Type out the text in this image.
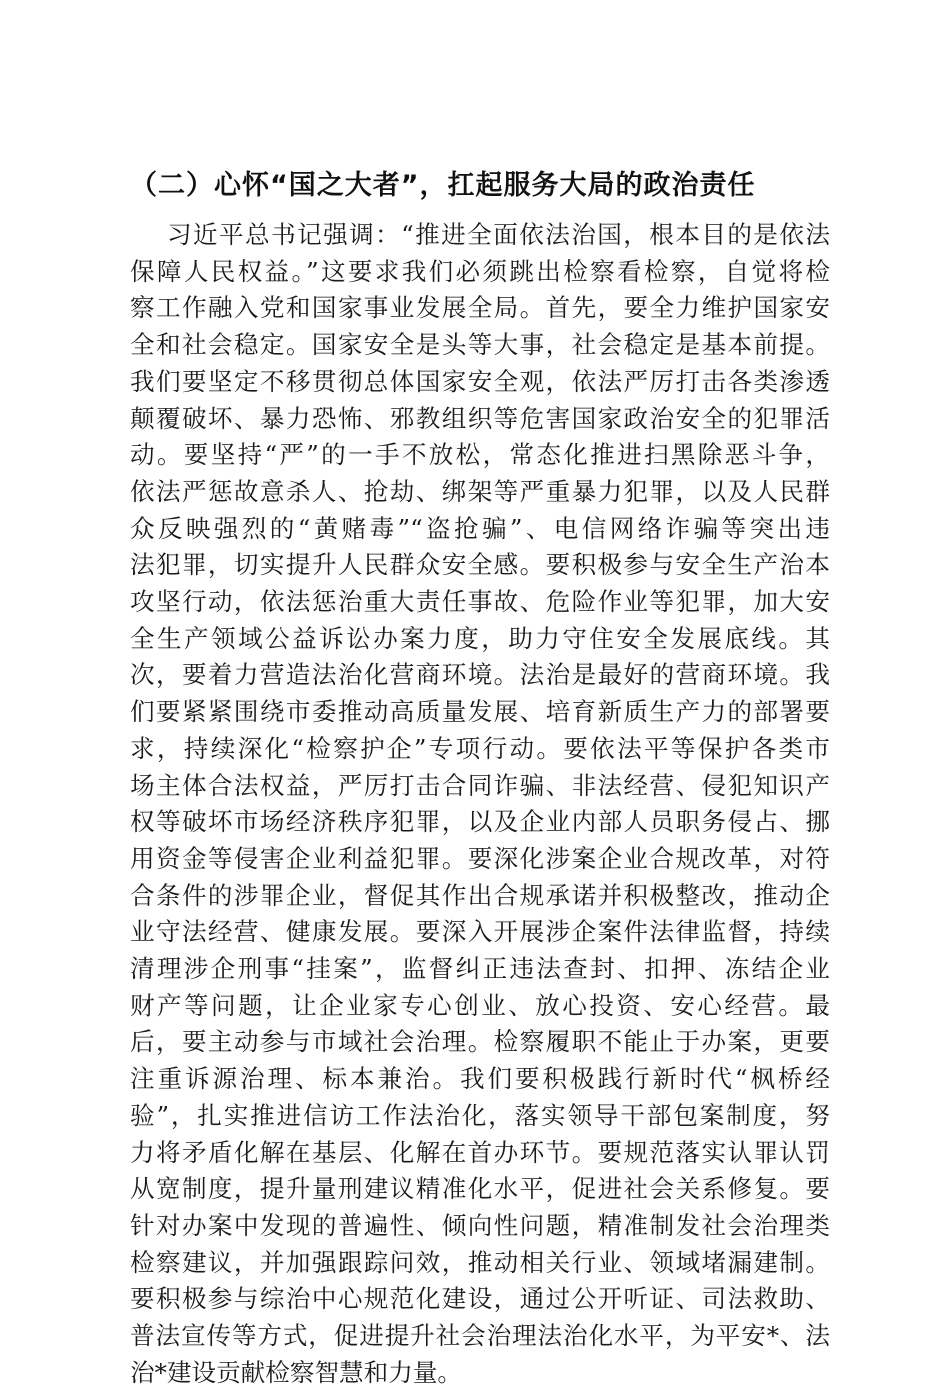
（二）心怀“国之大者”，扛起服务大局的政治责任
习近平总书记强调：“推进全面依法治国，根本目的是依法
保障人民权益。”这要求我们必须跳出检察看检察，自觉将检
察工作融入党和国家事业发展全局。首先，要全力维护国家安
全和社会稳定。国家安全是头等大事，社会稳定是基本前提。
我们要坚定不移贯彻总体国家安全观，依法严厉打击各类渗透
颠覆破坏、暴力恐怖、邪教组织等危害国家政治安全的犯罪活
动。要坚持“严”的一手不放松，常态化推进扫黑除恶斗争，
依法严惩故意杀人、抢劫、绑架等严重暴力犯罪，以及人民群
众反映强烈的“黄赌毒”“盗抢骗”、电信网络诈骗等突出违
法犯罪，切实提升人民群众安全感。要积极参与安全生产治本
攻坚行动，依法惩治重大责任事故、危险作业等犯罪，加大安
全生产领域公益诉讼办案力度，助力守住安全发展底线。其
次，要着力营造法治化营商环境。法治是最好的营商环境。我
们要紧紧围绕市委推动高质量发展、培育新质生产力的部署要
求，持续深化“检察护企”专项行动。要依法平等保护各类市
场主体合法权益，严厉打击合同诈骗、非法经营、侵犯知识产
权等破坏市场经济秩序犯罪，以及企业内部人员职务侵占、挪
用资金等侵害企业利益犯罪。要深化涉案企业合规改革，对符
合条件的涉罪企业，督促其作出合规承诺并积极整改，推动企
业守法经营、健康发展。要深入开展涉企案件法律监督，持续
清理涉企刑事“挂案”，监督纠正违法查封、扣押、冻结企业
财产等问题，让企业家专心创业、放心投资、安心经营。最
后，要主动参与市域社会治理。检察履职不能止于办案，更要
注重诉源治理、标本兼治。我们要积极践行新时代“枫桥经
验”，扎实推进信访工作法治化，落实领导干部包案制度，努
力将矛盾化解在基层、化解在首办环节。要规范落实认罪认罚
从宽制度，提升量刑建议精准化水平，促进社会关系修复。要
针对办案中发现的普遍性、倾向性问题，精准制发社会治理类
检察建议，并加强跟踪问效，推动相关行业、领域堵漏建制。
要积极参与综治中心规范化建设，通过公开听证、司法救助、
普法宣传等方式，促进提升社会治理法治化水平，为平安*、法
治*建设贡献检察智慧和力量。
